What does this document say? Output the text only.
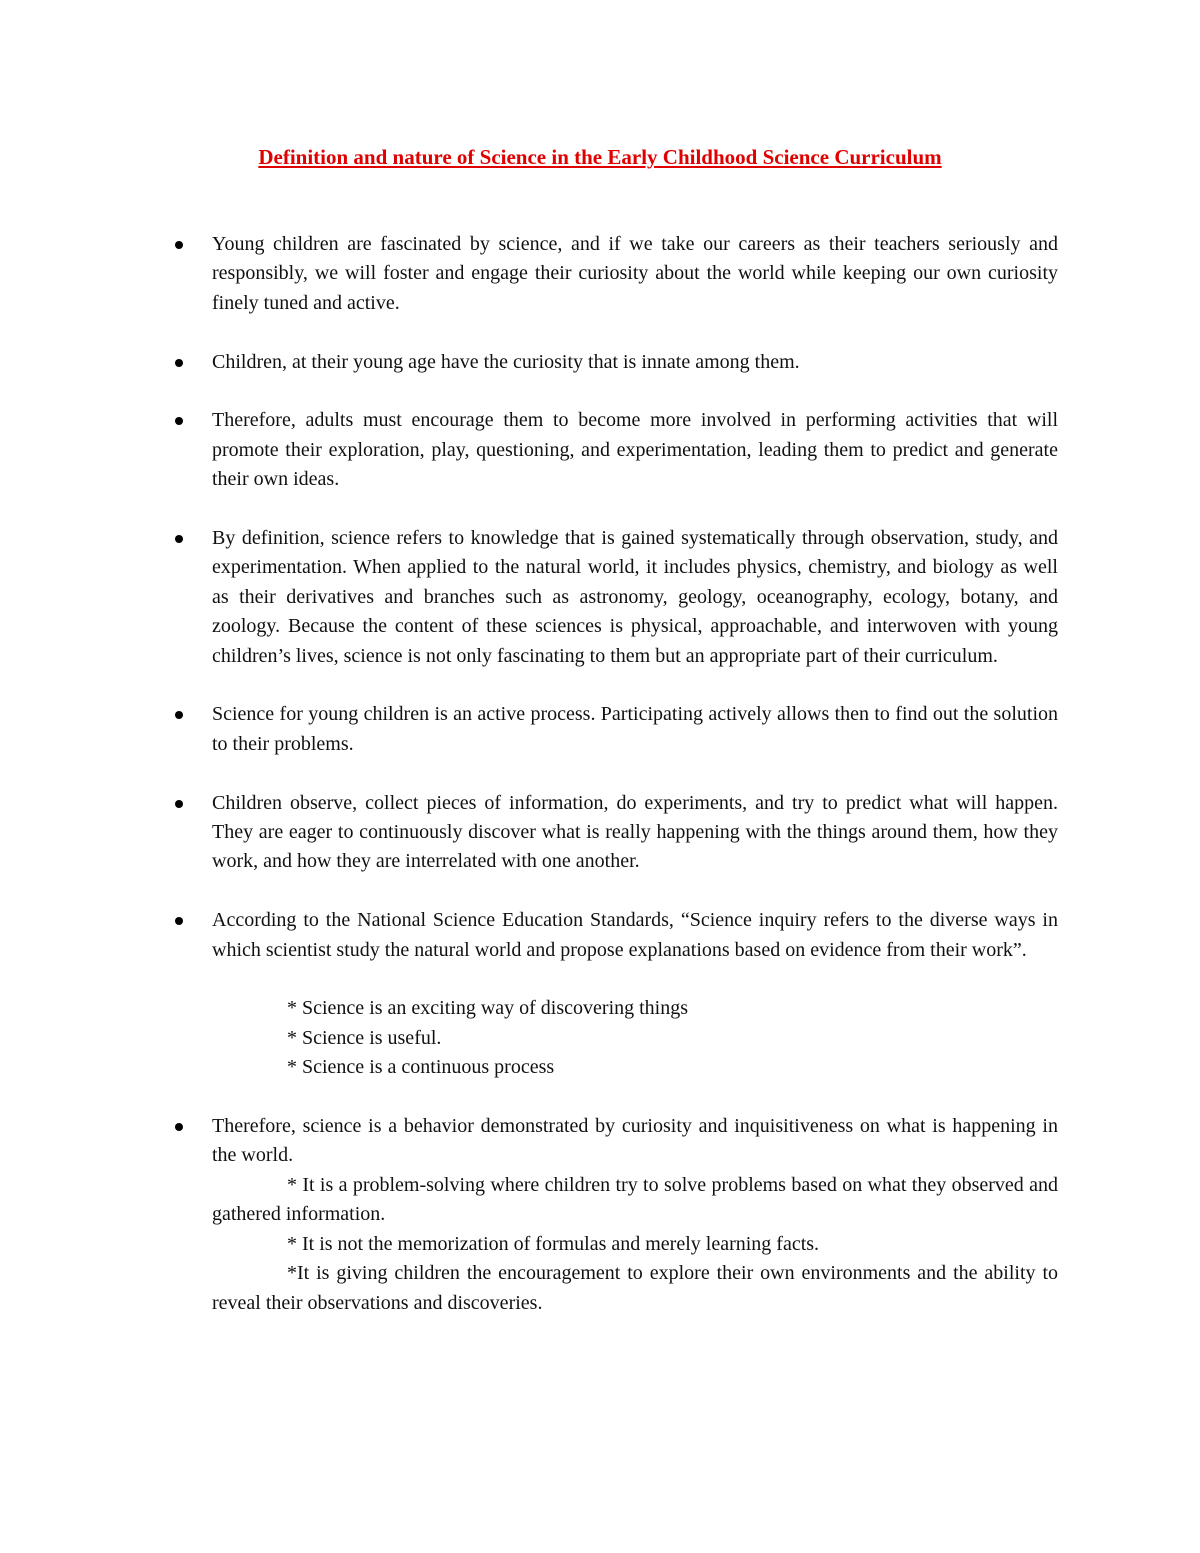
Definition and nature of Science in the Early Childhood Science Curriculum
Young children are fascinated by science, and if we take our careers as their teachers seriously and responsibly, we will foster and engage their curiosity about the world while keeping our own curiosity finely tuned and active.
Children, at their young age have the curiosity that is innate among them.
Therefore, adults must encourage them to become more involved in performing activities that will promote their exploration, play, questioning, and experimentation, leading them to predict and generate their own ideas.
By definition, science refers to knowledge that is gained systematically through observation, study, and experimentation. When applied to the natural world, it includes physics, chemistry, and biology as well as their derivatives and branches such as astronomy, geology, oceanography, ecology, botany, and zoology. Because the content of these sciences is physical, approachable, and interwoven with young children’s lives, science is not only fascinating to them but an appropriate part of their curriculum.
Science for young children is an active process. Participating actively allows then to find out the solution to their problems.
Children observe, collect pieces of information, do experiments, and try to predict what will happen. They are eager to continuously discover what is really happening with the things around them, how they work, and how they are interrelated with one another.
According to the National Science Education Standards, “Science inquiry refers to the diverse ways in which scientist study the natural world and propose explanations based on evidence from their work”.
* Science is an exciting way of discovering things
* Science is useful.
* Science is a continuous process
Therefore, science is a behavior demonstrated by curiosity and inquisitiveness on what is happening in the world.
* It is a problem-solving where children try to solve problems based on what they observed and gathered information.
* It is not the memorization of formulas and merely learning facts.
*It is giving children the encouragement to explore their own environments and the ability to reveal their observations and discoveries.
